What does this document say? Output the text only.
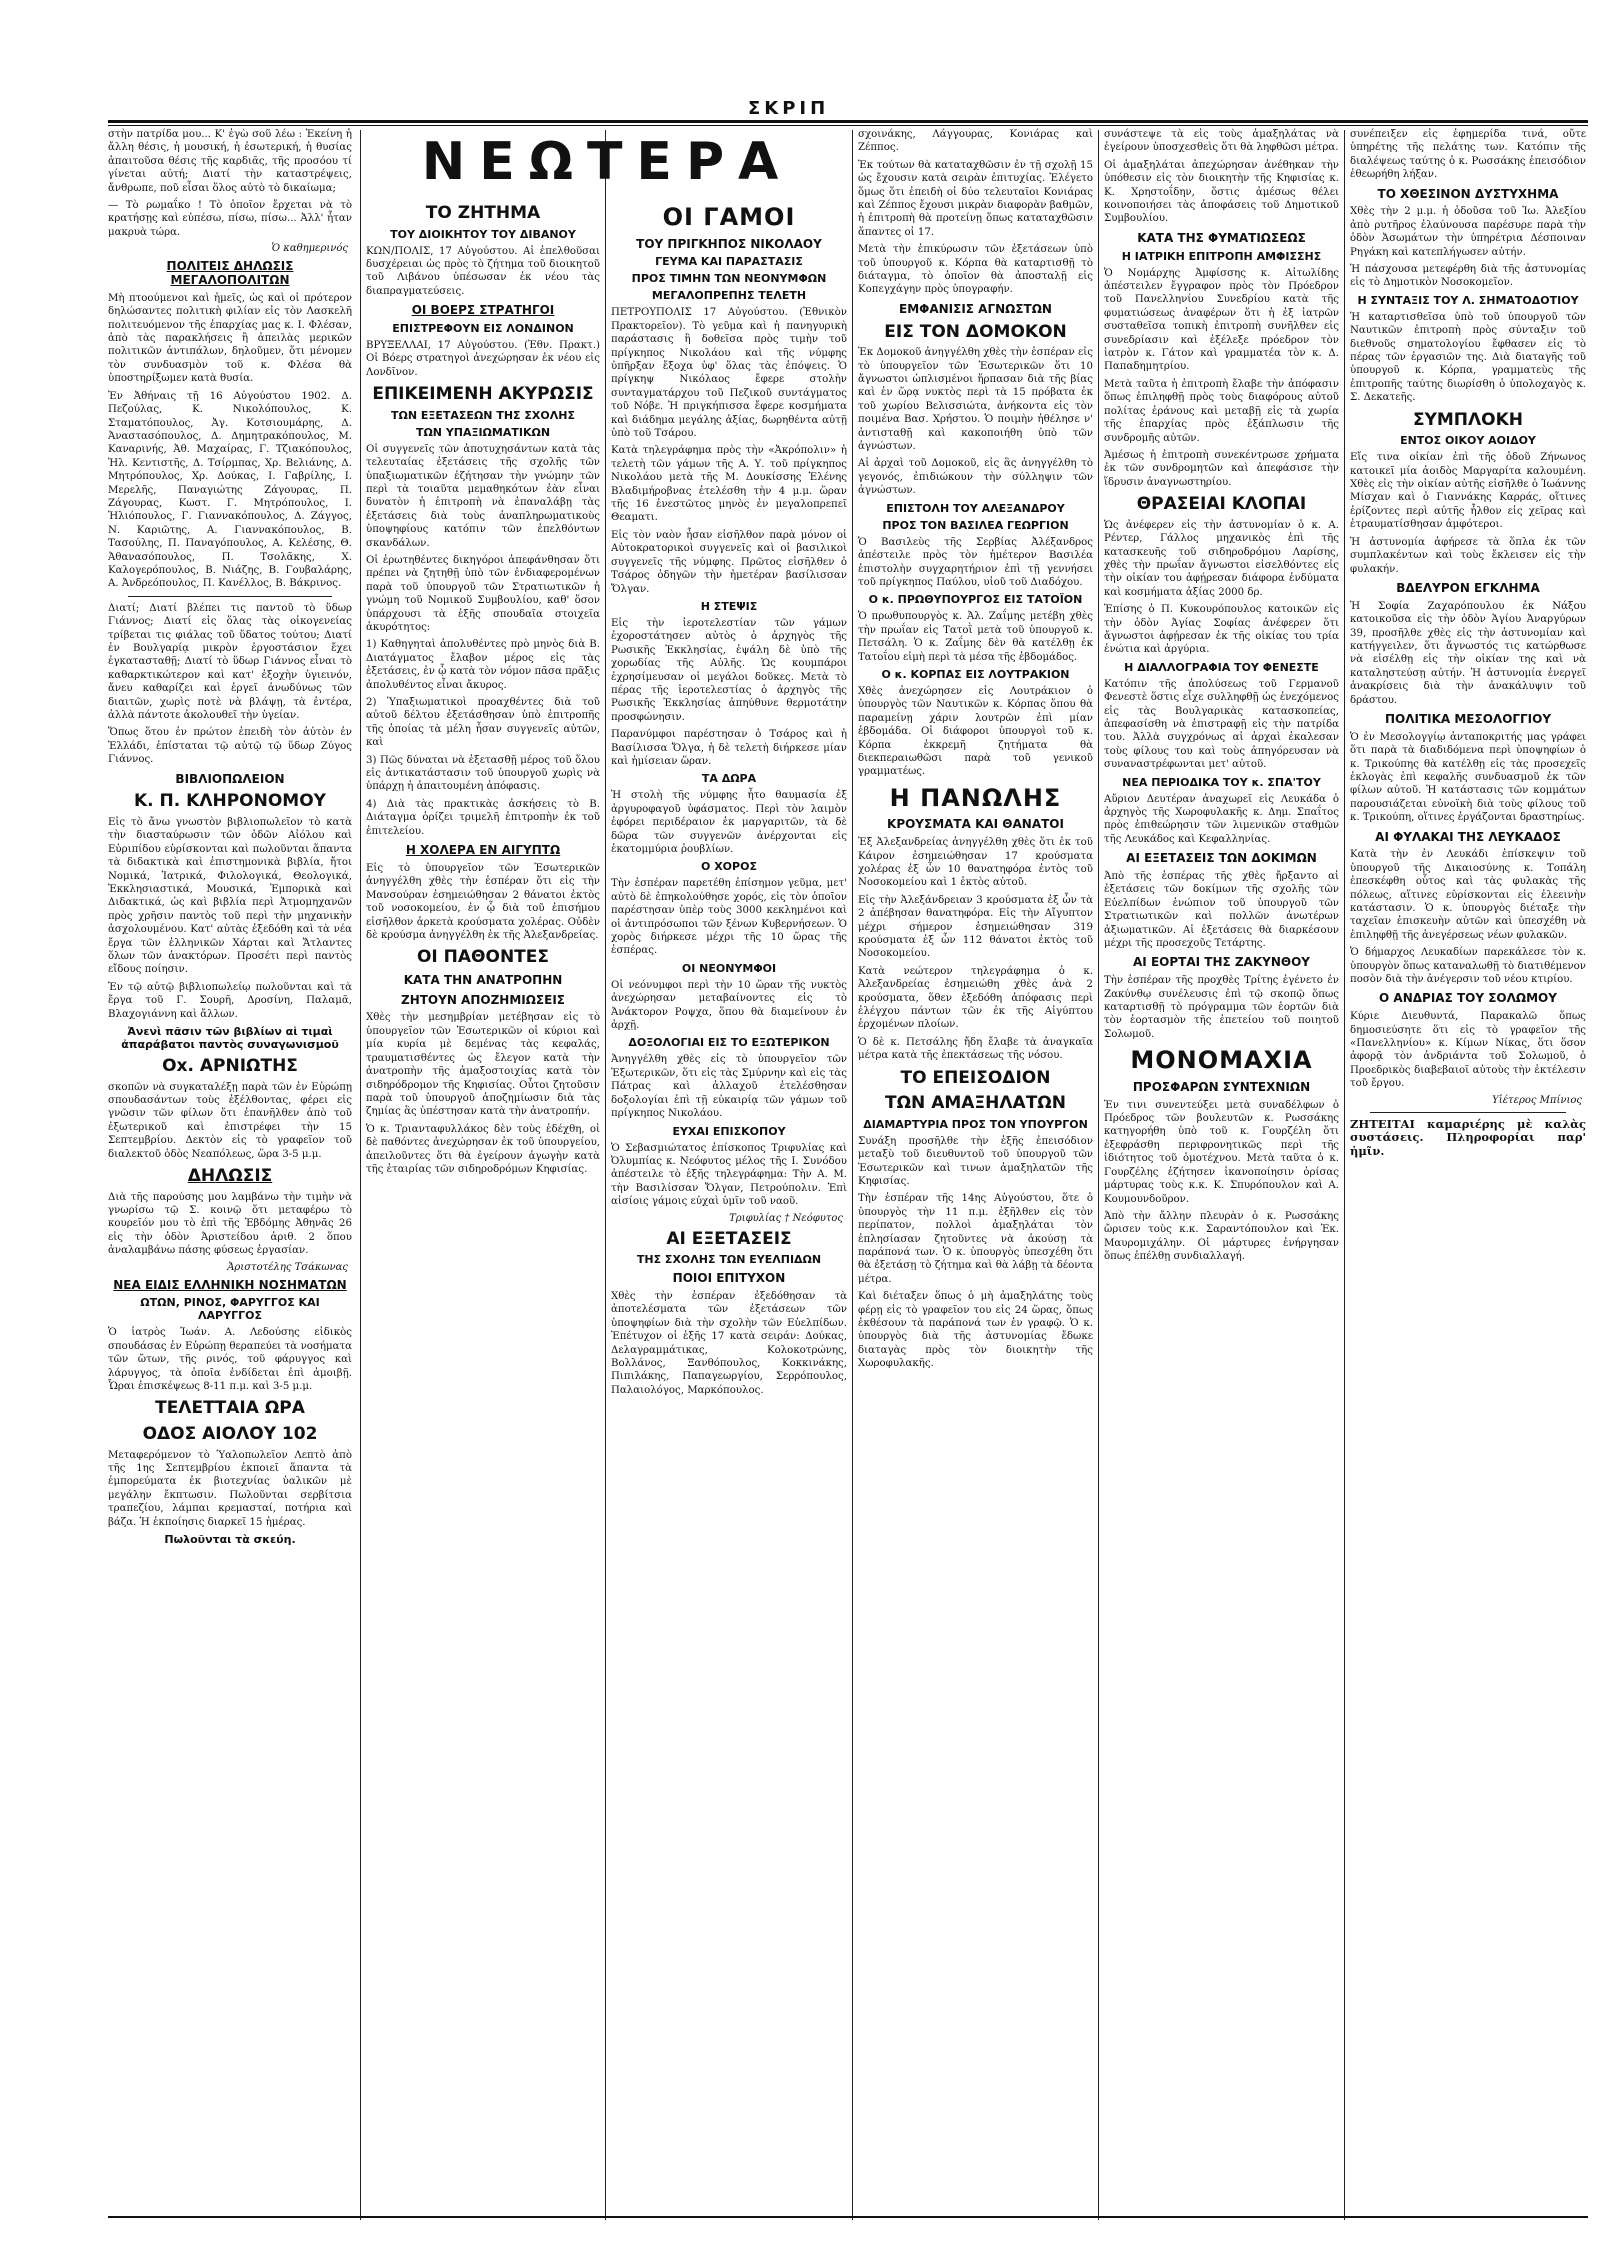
ΣΚΡΙΠ

στὴν πατρίδα μου... Κ' ἐγὼ σοῦ λέω : Ἐκείνη ἡ ἄλλη θέσις, ἡ μουσική, ἡ ἐσωτερική, ἡ θυσίας ἀπαιτοῦσα θέσις τῆς καρδιᾶς, τῆς προσόου τί γίνεται αὐτή; Διατί τὴν καταστρέψεις, ἄνθρωπε, ποῦ εἶσαι ὅλος αὐτὸ τὸ δικαίωμα;

— Τὸ ρωμαΐκο ! Τὸ ὁποῖον ἔρχεται νὰ τὸ κρατήσῃς καὶ εὐπέσω, πίσω, πίσω... Ἀλλ' ἦταν μακρυὰ τώρα.

Ὁ καθημερινός
ΠΟΛΙΤΕΙΣ ΔΗΛΩΣΙΣ ΜΕΓΑΛΟΠΟΛΙΤΩΝ

Μὴ πτοούμενοι καὶ ἡμεῖς, ὡς καὶ οἱ πρότερον δηλώσαντες πολιτικὴ φιλίαν εἰς τὸν Λασκελῆ πολιτευόμενον τῆς ἐπαρχίας μας κ. Ι. Φλέσαν, ἀπὸ τὰς παρακλήσεις ἢ ἀπειλὰς μερικῶν πολιτικῶν ἀντιπάλων, δηλοῦμεν, ὅτι μένομεν τὸν συνδυασμὸν τοῦ κ. Φλέσα θὰ ὑποστηρίξωμεν κατὰ θυσία.

Ἐν Ἀθήναις τῇ 16 Αὐγούστου 1902. Δ. Πεζούλας, Κ. Νικολόπουλος, Κ. Σταματόπουλος, Ἀγ. Κοτσιουμάρης, Δ. Ἀναστασόπουλος, Δ. Δημητρακόπουλος, Μ. Καναρινής, Ἀθ. Μαχαίρας, Γ. Τζιακόπουλος, Ἠλ. Κεντιστῆς, Δ. Τσίρμπας, Χρ. Βελιάνης, Δ. Μητρόπουλος, Χρ. Δούκας, Ι. Γαβρίλης, Ι. Μερελῆς, Παναγιώτης Ζάγουρας, Π. Ζάγουρας, Κωστ. Γ. Μητρόπουλος, Ι. Ἠλιόπουλος, Γ. Γιαννακόπουλος, Δ. Ζάγγος, Ν. Καριῶτης, Α. Γιαννακόπουλος, Β. Τασούλης, Π. Παναγόπουλος, Α. Κελέσης, Θ. Ἀθανασόπουλος, Π. Τσολᾶκης, Χ. Καλογερόπουλος, Β. Νιάζης, Β. Γουβαλάρης, Α. Ἀνδρεόπουλος, Π. Κανέλλος, Β. Βάκρινος.

Διατί; Διατί βλέπει τις παντοῦ τὸ ὕδωρ Γιάννος; Διατί εἰς ὅλας τὰς οἰκογενείας τρίβεται τις φιάλας τοῦ ὕδατος τούτου; Διατί ἐν Βουλγαρίᾳ μικρὸν ἐργοστάσιον ἔχει ἐγκατασταθῇ; Διατί τὸ ὕδωρ Γιάννος εἶναι τὸ καθαρκτικώτερον καὶ κατ' ἐξοχὴν ὑγιεινόν, ἄνευ καθαρίζει καὶ ἐργεῖ ἀνωδύνως τῶν διαιτῶν, χωρὶς ποτὲ νὰ βλάψῃ, τὰ ἐντέρα, ἀλλὰ πάντοτε ἀκολουθεῖ τὴν ὑγείαν.

Ὅπως ὅτου ἐν πρώτον ἐπειδὴ τὸν ἀὐτὸν ἐν Ἑλλάδι, ἐπίσταται τῷ αὐτῷ τῷ ὕδωρ Ζύγος Γιάννος.

ΒΙΒΛΙΟΠΩΛΕΙΟΝ
Κ. Π. ΚΛΗΡΟΝΟΜΟΥ

Εἰς τὸ ἄνω γνωστὸν βιβλιοπωλεῖον τὸ κατὰ τὴν διασταύρωσιν τῶν ὁδῶν Αἰόλου καὶ Εὐριπίδου εὑρίσκονται καὶ πωλοῦνται ἅπαντα τὰ διδακτικὰ καὶ ἐπιστημονικὰ βιβλία, ἤτοι Νομικά, Ἰατρικά, Φιλολογικά, Θεολογικά, Ἐκκλησιαστικά, Μουσικά, Ἐμπορικὰ καὶ Διδακτικά, ὡς καὶ βιβλία περὶ Ἀτμομηχανῶν πρὸς χρῆσιν παντὸς τοῦ περὶ τὴν μηχανικὴν ἀσχολουμένου. Κατ' αὐτὰς ἐξεδόθη καὶ τὰ νέα ἔργα τῶν ἑλληνικῶν Χάρται καὶ Ἄτλαντες ὅλων τῶν ἀνακτόρων. Προσέτι περὶ παντὸς εἴδους ποίησιν.

Ἐν τῷ αὐτῷ βιβλιοπωλείῳ πωλοῦνται καὶ τὰ ἔργα τοῦ Γ. Σουρῆ, Δροσίνη, Παλαμᾶ, Βλαχογιάννη καὶ ἄλλων.

Ἀνενὶ πᾶσιν τῶν βιβλίων αἱ τιμαὶ ἀπαράβατοι παντὸς συναγωνισμοῦ
Οx. ΑΡΝΙΩΤΗΣ

σκοπῶν νὰ συγκαταλέξῃ παρὰ τῶν ἐν Εὐρώπῃ σπουδασάντων τοὺς ἐξέλθοντας, φέρει εἰς γνῶσιν τῶν φίλων ὅτι ἐπανῆλθεν ἀπὸ τοῦ ἐξωτερικοῦ καὶ ἐπιστρέφει τὴν 15 Σεπτεμβρίου. Δεκτὸν εἰς τὸ γραφεῖον τοῦ διαλεκτοῦ ὁδὸς Νεαπόλεως, ὥρα 3-5 μ.μ.

ΔΗΛΩΣΙΣ

Διὰ τῆς παρούσης μου λαμβάνω τὴν τιμὴν νὰ γνωρίσω τῷ Σ. κοινῷ ὅτι μεταφέρω τὸ κουρεῖόν μου τὸ ἐπὶ τῆς Ἑβδόμης Ἀθηνᾶς 26 εἰς τὴν ὁδὸν Ἀριστείδου ἀριθ. 2 ὅπου ἀναλαμβάνω πάσης φύσεως ἐργασίαν.

Ἀριστοτέλης Τσάκωνας
ΝΕΑ ΕΙΔΙΣ ΕΛΛΗΝΙΚΗ ΝΟΣΗΜΑΤΩΝ
ΩΤΩΝ, ΡΙΝΟΣ, ΦΑΡΥΓΓΟΣ ΚΑΙ ΛΑΡΥΓΓΟΣ

Ὁ ἰατρὸς Ἰωάν. Α. Λεδούσης εἰδικὸς σπουδάσας ἐν Εὐρώπῃ θεραπεύει τὰ νοσήματα τῶν ὤτων, τῆς ρινός, τοῦ φάρυγγος καὶ λάρυγγος, τὰ ὁποῖα ἐνδίδεται ἐπὶ ἀμοιβῇ. Ὧραι ἐπισκέψεως 8-11 π.μ. καὶ 3-5 μ.μ.

ΤΕΛΕΤΤΑΙΑ ΩΡΑ
ΟΔΟΣ ΑΙΟΛΟΥ 102

Μεταφερόμενον τὸ Ὑαλοπωλεῖον Λεπτὸ ἀπὸ τῆς 1ης Σεπτεμβρίου ἐκποιεῖ ἅπαντα τὰ ἐμπορεύματα ἐκ βιοτεχνίας ὑαλικῶν μὲ μεγάλην ἔκπτωσιν. Πωλοῦνται σερβίτσια τραπεζίου, λάμπαι κρεμασταί, ποτήρια καὶ βάζα. Ἡ ἐκποίησις διαρκεῖ 15 ἡμέρας.

Πωλοῦνται τὰ σκεύη.
ΝΕΩΤΕΡΑ
ΤΟ ΖΗΤΗΜΑ
ΤΟΥ ΔΙΟΙΚΗΤΟΥ ΤΟΥ ΔΙΒΑΝΟΥ

ΚΩΝ/ΠΟΛΙΣ, 17 Αὐγούστου. Αἱ ἐπελθοῦσαι δυσχέρειαι ὡς πρὸς τὸ ζήτημα τοῦ διοικητοῦ τοῦ Λιβάνου ὑπέσωσαν ἐκ νέου τὰς διαπραγματεύσεις.

ΟΙ ΒΟΕΡΣ ΣΤΡΑΤΗΓΟΙ
ΕΠΙΣΤΡΕΦΟΥΝ ΕΙΣ ΛΟΝΔΙΝΟΝ

ΒΡΥΞΕΛΛΑΙ, 17 Αὐγούστου. (Ἐθν. Πρακτ.) Οἱ Βόερς στρατηγοὶ ἀνεχώρησαν ἐκ νέου εἰς Λονδῖνον.

ΕΠΙΚΕΙΜΕΝΗ ΑΚΥΡΩΣΙΣ
ΤΩΝ ΕΞΕΤΑΣΕΩΝ ΤΗΣ ΣΧΟΛΗΣ
ΤΩΝ ΥΠΑΞΙΩΜΑΤΙΚΩΝ

Οἱ συγγενεῖς τῶν ἀποτυχησάντων κατὰ τὰς τελευταίας ἐξετάσεις τῆς σχολῆς τῶν ὑπαξιωματικῶν ἐζήτησαν τὴν γνώμην τῶν περὶ τὰ τοιαῦτα μεμαθηκότων ἐὰν εἶναι δυνατὸν ἡ ἐπιτροπὴ νὰ ἐπαναλάβῃ τὰς ἐξετάσεις διὰ τοὺς ἀναπληρωματικοὺς ὑποψηφίους κατόπιν τῶν ἐπελθόντων σκανδάλων.

Οἱ ἐρωτηθέντες δικηγόροι ἀπεφάνθησαν ὅτι πρέπει νὰ ζητηθῇ ὑπὸ τῶν ἐνδιαφερομένων παρὰ τοῦ ὑπουργοῦ τῶν Στρατιωτικῶν ἡ γνώμη τοῦ Νομικοῦ Συμβουλίου, καθ' ὅσον ὑπάρχουσι τὰ ἑξῆς σπουδαῖα στοιχεῖα ἀκυρότητος:

1) Καθηγηταὶ ἀπολυθέντες πρὸ μηνὸς διὰ Β. Διατάγματος ἔλαβον μέρος εἰς τὰς ἐξετάσεις, ἐν ᾧ κατὰ τὸν νόμον πᾶσα πρᾶξις ἀπολυθέντος εἶναι ἄκυρος.

2) Ὑπαξιωματικοὶ προαχθέντες διὰ τοῦ αὐτοῦ δέλτου ἐξετάσθησαν ὑπὸ ἐπιτροπῆς τῆς ὁποίας τὰ μέλη ἦσαν συγγενεῖς αὐτῶν, καὶ

3) Πῶς δύναται νὰ ἐξετασθῇ μέρος τοῦ ὅλου εἰς ἀντικατάστασιν τοῦ ὑπουργοῦ χωρὶς νὰ ὑπάρχῃ ἡ ἀπαιτουμένη ἀπόφασις.

4) Διὰ τὰς πρακτικὰς ἀσκήσεις τὸ Β. Διάταγμα ὁρίζει τριμελῆ ἐπιτροπὴν ἐκ τοῦ ἐπιτελείου.

Η ΧΟΛΕΡΑ ΕΝ ΑΙΓΥΠΤΩ

Εἰς τὸ ὑπουργεῖον τῶν Ἐσωτερικῶν ἀνηγγέλθη χθὲς τὴν ἑσπέραν ὅτι εἰς τὴν Μανσούραν ἐσημειώθησαν 2 θάνατοι ἐκτὸς τοῦ νοσοκομείου, ἐν ᾧ διὰ τοῦ ἐπισήμου εἰσῆλθον ἀρκετὰ κρούσματα χολέρας. Οὐδὲν δὲ κρούσμα ἀνηγγέλθη ἐκ τῆς Ἀλεξανδρείας.

ΟΙ ΠΑΘΟΝΤΕΣ
ΚΑΤΑ ΤΗΝ ΑΝΑΤΡΟΠΗΝ
ΖΗΤΟΥΝ ΑΠΟΖΗΜΙΩΣΕΙΣ

Χθὲς τὴν μεσημβρίαν μετέβησαν εἰς τὸ ὑπουργεῖον τῶν Ἐσωτερικῶν οἱ κύριοι καὶ μία κυρία μὲ δεμένας τὰς κεφαλάς, τραυματισθέντες ὡς ἔλεγον κατὰ τὴν ἀνατροπὴν τῆς ἀμαξοστοιχίας κατὰ τὸν σιδηρόδρομον τῆς Κηφισίας. Οὗτοι ζητοῦσιν παρὰ τοῦ ὑπουργοῦ ἀποζημίωσιν διὰ τὰς ζημίας ἃς ὑπέστησαν κατὰ τὴν ἀνατροπήν.

Ὁ κ. Τριανταφυλλάκος δὲν τοὺς ἐδέχθη, οἱ δὲ παθόντες ἀνεχώρησαν ἐκ τοῦ ὑπουργείου, ἀπειλοῦντες ὅτι θὰ ἐγείρουν ἀγωγὴν κατὰ τῆς ἑταιρίας τῶν σιδηροδρόμων Κηφισίας.

ΟΙ ΓΑΜΟΙ
ΤΟΥ ΠΡΙΓΚΗΠΟΣ ΝΙΚΟΛΑΟΥ
ΓΕΥΜΑ ΚΑΙ ΠΑΡΑΣΤΑΣΙΣ
ΠΡΟΣ ΤΙΜΗΝ ΤΩΝ ΝΕΟΝΥΜΦΩΝ
ΜΕΓΑΛΟΠΡΕΠΗΣ ΤΕΛΕΤΗ

ΠΕΤΡΟΥΠΟΛΙΣ 17 Αὐγούστου. (Ἐθνικὸν Πρακτορεῖον). Τὸ γεῦμα καὶ ἡ πανηγυρικὴ παράστασις ἣ δοθεῖσα πρὸς τιμὴν τοῦ πρίγκηπος Νικολάου καὶ τῆς νύμφης ὑπῆρξαν ἔξοχα ὑφ' ὅλας τὰς ἐπόψεις. Ὁ πρίγκηψ Νικόλαος ἔφερε στολὴν συνταγματάρχου τοῦ Πεζικοῦ συντάγματος τοῦ Νόβε. Ἡ πριγκήπισσα ἔφερε κοσμήματα καὶ διάδημα μεγάλης ἀξίας, δωρηθέντα αὐτῇ ὑπὸ τοῦ Τσάρου.

Κατὰ τηλεγράφημα πρὸς τὴν «Ἀκρόπολιν» ἡ τελετὴ τῶν γάμων τῆς Α. Υ. τοῦ πρίγκηπος Νικολάου μετὰ τῆς Μ. Δουκίσσης Ἑλένης Βλαδιμήροβνας ἐτελέσθη τὴν 4 μ.μ. ὥραν τῆς 16 ἐνεστῶτος μηνὸς ἐν μεγαλοπρεπεῖ Θεαματι.

Εἰς τὸν ναὸν ἦσαν εἰσῆλθον παρὰ μόνον οἱ Αὐτοκρατορικοὶ συγγενεῖς καὶ οἱ βασιλικοὶ συγγενεῖς τῆς νύμφης. Πρῶτος εἰσῆλθεν ὁ Τσάρος ὁδηγῶν τὴν ἡμετέραν βασίλισσαν Ὄλγαν.

Η ΣΤΕΨΙΣ

Εἰς τὴν ἱεροτελεστίαν τῶν γάμων ἐχοροστάτησεν αὐτὸς ὁ ἀρχηγὸς τῆς Ρωσικῆς Ἐκκλησίας, ἐψάλη δὲ ὑπὸ τῆς χορωδίας τῆς Αὐλῆς. Ὡς κουμπάροι ἐχρησίμευσαν οἱ μεγάλοι δοῦκες. Μετὰ τὸ πέρας τῆς ἱεροτελεστίας ὁ ἀρχηγὸς τῆς Ρωσικῆς Ἐκκλησίας ἀπηύθυνε θερμοτάτην προσφώνησιν.

Παρανύμφοι παρέστησαν ὁ Τσάρος καὶ ἡ Βασίλισσα Ὄλγα, ἡ δὲ τελετὴ διήρκεσε μίαν καὶ ἡμίσειαν ὥραν.

ΤΑ ΔΩΡΑ

Ἡ στολὴ τῆς νύμφης ἦτο θαυμασία ἐξ ἀργυροφαγοῦ ὑφάσματος. Περὶ τὸν λαιμὸν ἐφόρει περιδέραιον ἐκ μαργαριτῶν, τὰ δὲ δῶρα τῶν συγγενῶν ἀνέρχονται εἰς ἑκατομμύρια ῥουβλίων.

Ο ΧΟΡΟΣ

Τὴν ἑσπέραν παρετέθη ἐπίσημον γεῦμα, μετ' αὐτὸ δὲ ἐπηκολούθησε χορός, εἰς τὸν ὁποῖον παρέστησαν ὑπὲρ τοὺς 3000 κεκλημένοι καὶ οἱ ἀντιπρόσωποι τῶν ξένων Κυβερνήσεων. Ὁ χορὸς διήρκεσε μέχρι τῆς 10 ὥρας τῆς ἑσπέρας.

ΟΙ ΝΕΟΝΥΜΦΟΙ

Οἱ νεόνυμφοι περὶ τὴν 10 ὥραν τῆς νυκτὸς ἀνεχώρησαν μεταβαίνοντες εἰς τὸ Ἀνάκτορον Ροψχα, ὅπου θὰ διαμείνουν ἐν ἀρχῇ.

ΔΟΞΟΛΟΓΙΑΙ ΕΙΣ ΤΟ ΕΞΩΤΕΡΙΚΟΝ

Ἀνηγγέλθη χθὲς εἰς τὸ ὑπουργεῖον τῶν Ἐξωτερικῶν, ὅτι εἰς τὰς Σμύρνην καὶ εἰς τὰς Πάτρας καὶ ἀλλαχοῦ ἐτελέσθησαν δοξολογίαι ἐπὶ τῇ εὐκαιρίᾳ τῶν γάμων τοῦ πρίγκηπος Νικολάου.

ΕΥΧΑΙ ΕΠΙΣΚΟΠΟΥ

Ὁ Σεβασμιώτατος ἐπίσκοπος Τριφυλίας καὶ Ὀλυμπίας κ. Νεόφυτος μέλος τῆς Ι. Συνόδου ἀπέστειλε τὸ ἑξῆς τηλεγράφημα: Τὴν Α. Μ. τὴν Βασιλίσσαν Ὄλγαν, Πετρούπολιν. Ἐπὶ αἰσίοις γάμοις εὐχαὶ ὑμῖν τοῦ ναοῦ.

Τριφυλίας † Νεόφυτος
ΑΙ ΕΞΕΤΑΣΕΙΣ
ΤΗΣ ΣΧΟΛΗΣ ΤΩΝ ΕΥΕΛΠΙΔΩΝ
ΠΟΙΟΙ ΕΠΙΤΥΧΟΝ

Χθὲς τὴν ἑσπέραν ἐξεδόθησαν τὰ ἀποτελέσματα τῶν ἐξετάσεων τῶν ὑποψηφίων διὰ τὴν σχολὴν τῶν Εὐελπίδων. Ἐπέτυχον οἱ ἑξῆς 17 κατὰ σειράν: Δούκας, Δελαγραμμάτικας, Κολοκοτρώνης, Βολλάνος, Ξανθόπουλος, Κοκκινάκης, Πιπιλάκης, Παπαγεωργίου, Σερρόπουλος, Παλαιολόγος, Μαρκόπουλος.

σχοινάκης, Λάγγουρας, Κονιάρας καὶ Ζέππος.

Ἐκ τούτων θὰ καταταχθῶσιν ἐν τῇ σχολῇ 15 ὡς ἔχουσιν κατὰ σειρὰν ἐπιτυχίας. Ἐλέγετο ὅμως ὅτι ἐπειδὴ οἱ δύο τελευταῖοι Κονιάρας καὶ Ζέππος ἔχουσι μικρὰν διαφορὰν βαθμῶν, ἡ ἐπιτροπὴ θὰ προτείνῃ ὅπως καταταχθῶσιν ἅπαντες οἱ 17.

Μετὰ τὴν ἐπικύρωσιν τῶν ἐξετάσεων ὑπὸ τοῦ ὑπουργοῦ κ. Κόρπα θὰ καταρτισθῇ τὸ διάταγμα, τὸ ὁποῖον θὰ ἀποσταλῇ εἰς Κοπεγχάγην πρὸς ὑπογραφήν.

ΕΜΦΑΝΙΣΙΣ ΑΓΝΩΣΤΩΝ
ΕΙΣ ΤΟΝ ΔΟΜΟΚΟΝ

Ἐκ Δομοκοῦ ἀνηγγέλθη χθὲς τὴν ἑσπέραν εἰς τὸ ὑπουργεῖον τῶν Ἐσωτερικῶν ὅτι 10 ἄγνωστοι ὡπλισμένοι ἥρπασαν διὰ τῆς βίας καὶ ἐν ὥρᾳ νυκτὸς περὶ τὰ 15 πρόβατα ἐκ τοῦ χωρίου Βελισσιώτα, ἀνήκοντα εἰς τὸν ποιμένα Βασ. Χρήστου. Ὁ ποιμὴν ἠθέλησε ν' ἀντισταθῇ καὶ κακοποιήθη ὑπὸ τῶν ἀγνώστων.

Αἱ ἀρχαὶ τοῦ Δομοκοῦ, εἰς ἃς ἀνηγγέλθη τὸ γεγονός, ἐπιδιώκουν τὴν σύλληψιν τῶν ἀγνώστων.

ΕΠΙΣΤΟΛΗ ΤΟΥ ΑΛΕΞΑΝΔΡΟΥ
ΠΡΟΣ ΤΟΝ ΒΑΣΙΛΕΑ ΓΕΩΡΓΙΟΝ

Ὁ Βασιλεὺς τῆς Σερβίας Ἀλέξανδρος ἀπέστειλε πρὸς τὸν ἡμέτερον Βασιλέα ἐπιστολὴν συγχαρητήριον ἐπὶ τῇ γεννήσει τοῦ πρίγκηπος Παύλου, υἱοῦ τοῦ Διαδόχου.

Ο κ. ΠΡΩΘΥΠΟΥΡΓΟΣ ΕΙΣ ΤΑΤΟΪΟΝ

Ὁ πρωθυπουργὸς κ. Ἀλ. Ζαΐμης μετέβη χθὲς τὴν πρωΐαν εἰς Τατοῒ μετὰ τοῦ ὑπουργοῦ κ. Πετσάλη. Ὁ κ. Ζαΐμης δὲν θὰ κατέλθῃ ἐκ Τατοΐου εἰμὴ περὶ τὰ μέσα τῆς ἑβδομάδος.

Ο κ. ΚΟΡΠΑΣ ΕΙΣ ΛΟΥΤΡΑΚΙΟΝ

Χθὲς ἀνεχώρησεν εἰς Λουτράκιον ὁ ὑπουργὸς τῶν Ναυτικῶν κ. Κόρπας ὅπου θὰ παραμείνῃ χάριν λουτρῶν ἐπὶ μίαν ἑβδομάδα. Οἱ διάφοροι ὑπουργοὶ τοῦ κ. Κόρπα ἐκκρεμῆ ζητήματα θὰ διεκπεραιωθῶσι παρὰ τοῦ γενικοῦ γραμματέως.

Η ΠΑΝΩΛΗΣ
ΚΡΟΥΣΜΑΤΑ ΚΑΙ ΘΑΝΑΤΟΙ

Ἐξ Ἀλεξανδρείας ἀνηγγέλθη χθὲς ὅτι ἐκ τοῦ Κάιρον ἐσημειώθησαν 17 κρούσματα χολέρας ἐξ ὧν 10 θανατηφόρα ἐντὸς τοῦ Νοσοκομείου καὶ 1 ἐκτὸς αὐτοῦ.

Εἰς τὴν Ἀλεξάνδρειαν 3 κρούσματα ἐξ ὧν τὰ 2 ἀπέβησαν θανατηφόρα. Εἰς τὴν Αἴγυπτον μέχρι σήμερον ἐσημειώθησαν 319 κρούσματα ἐξ ὧν 112 θάνατοι ἐκτὸς τοῦ Νοσοκομείου.

Κατὰ νεώτερον τηλεγράφημα ὁ κ. Ἀλεξανδρείας ἐσημειώθη χθὲς ἀνὰ 2 κρούσματα, ὅθεν ἐξεδόθη ἀπόφασις περὶ ἐλέγχου πάντων τῶν ἐκ τῆς Αἰγύπτου ἐρχομένων πλοίων.

Ὁ δὲ κ. Πετσάλης ἤδη ἔλαβε τὰ ἀναγκαῖα μέτρα κατὰ τῆς ἐπεκτάσεως τῆς νόσου.

ΤΟ ΕΠΕΙΣΟΔΙΟΝ
ΤΩΝ ΑΜΑΞΗΛΑΤΩΝ
ΔΙΑΜΑΡΤΥΡΙΑ ΠΡΟΣ ΤΟΝ ΥΠΟΥΡΓΟΝ

Συνάξη προσῆλθε τὴν ἑξῆς ἐπεισόδιον μεταξὺ τοῦ διευθυντοῦ τοῦ ὑπουργοῦ τῶν Ἐσωτερικῶν καὶ τινων ἀμαξηλατῶν τῆς Κηφισίας.

Τὴν ἑσπέραν τῆς 14ης Αὐγούστου, ὅτε ὁ ὑπουργὸς τὴν 11 π.μ. ἐξῆλθεν εἰς τὸν περίπατον, πολλοὶ ἀμαξηλάται τὸν ἐπλησίασαν ζητοῦντες νὰ ἀκούσῃ τὰ παράπονά των. Ὁ κ. ὑπουργὸς ὑπεσχέθη ὅτι θὰ ἐξετάσῃ τὸ ζήτημα καὶ θὰ λάβῃ τὰ δέοντα μέτρα.

Καὶ διέταξεν ὅπως ὁ μὴ ἀμαξηλάτης τοὺς φέρῃ εἰς τὸ γραφεῖον του εἰς 24 ὥρας, ὅπως ἐκθέσουν τὰ παράπονά των ἐν γραφῷ. Ὁ κ. ὑπουργὸς διὰ τῆς ἀστυνομίας ἔδωκε διαταγὰς πρὸς τὸν διοικητὴν τῆς Χωροφυλακῆς.

συνάστεψε τὰ εἰς τοὺς ἁμαξηλάτας νὰ ἐγείρουν ὑποσχεσθεὶς ὅτι θὰ ληφθῶσι μέτρα.

Οἱ ἁμαξηλάται ἀπεχώρησαν ἀνέθηκαν τὴν ὑπόθεσιν εἰς τὸν διοικητὴν τῆς Κηφισίας κ. Κ. Χρηστοΐδην, ὅστις ἀμέσως θέλει κοινοποιήσει τὰς ἀποφάσεις τοῦ Δημοτικοῦ Συμβουλίου.

ΚΑΤΑ ΤΗΣ ΦΥΜΑΤΙΩΣΕΩΣ
Η ΙΑΤΡΙΚΗ ΕΠΙΤΡΟΠΗ ΑΜΦΙΣΣΗΣ

Ὁ Νομάρχης Ἀμφίσσης κ. Αἰτωλίδης ἀπέστειλεν ἔγγραφον πρὸς τὸν Πρόεδρον τοῦ Πανελληνίου Συνεδρίου κατὰ τῆς φυματιώσεως ἀναφέρων ὅτι ἡ ἐξ ἰατρῶν συσταθεῖσα τοπικὴ ἐπιτροπὴ συνῆλθεν εἰς συνεδρίασιν καὶ ἐξέλεξε πρόεδρον τὸν ἰατρὸν κ. Γάτον καὶ γραμματέα τὸν κ. Δ. Παπαδημητρίου.

Μετὰ ταῦτα ἡ ἐπιτροπὴ ἔλαβε τὴν ἀπόφασιν ὅπως ἐπιληφθῇ πρὸς τοὺς διαφόρους αὐτοῦ πολίτας ἐράνους καὶ μεταβῇ εἰς τὰ χωρία τῆς ἐπαρχίας πρὸς ἐξάπλωσιν τῆς συνδρομῆς αὐτῶν.

Ἀμέσως ἡ ἐπιτροπὴ συνεκέντρωσε χρήματα ἐκ τῶν συνδρομητῶν καὶ ἀπεφάσισε τὴν ἵδρυσιν ἀναγνωστηρίου.

ΘΡΑΣΕΙΑΙ ΚΛΟΠΑΙ

Ὡς ἀνέφερεν εἰς τὴν ἀστυνομίαν ὁ κ. Α. Ρέντερ, Γάλλος μηχανικὸς ἐπὶ τῆς κατασκευῆς τοῦ σιδηροδρόμου Λαρίσης, χθὲς τὴν πρωΐαν ἄγνωστοι εἰσελθόντες εἰς τὴν οἰκίαν του ἀφῄρεσαν διάφορα ἐνδύματα καὶ κοσμήματα ἀξίας 2000 δρ.

Ἐπίσης ὁ Π. Κυκουρόπουλος κατοικῶν εἰς τὴν ὁδὸν Ἀγίας Σοφίας ἀνέφερεν ὅτι ἄγνωστοι ἀφῄρεσαν ἐκ τῆς οἰκίας του τρία ἐνώτια καὶ ἀργύρια.

Η ΔΙΑΛΛΟΓΡΑΦΙΑ ΤΟΥ ΦΕΝΕΣΤΕ

Κατόπιν τῆς ἀπολύσεως τοῦ Γερμανοῦ Φενεστὲ ὅστις εἶχε συλληφθῇ ὡς ἐνεχόμενος εἰς τὰς Βουλγαρικὰς κατασκοπείας, ἀπεφασίσθη νὰ ἐπιστραφῇ εἰς τὴν πατρίδα του. Ἀλλὰ συγχρόνως αἱ ἀρχαὶ ἐκαλεσαν τοὺς φίλους του καὶ τοὺς ἀπηγόρευσαν νὰ συναναστρέφωνται μετ' αὐτοῦ.

ΝΕΑ ΠΕΡΙΟΔΙΚΑ ΤΟΥ κ. ΣΠΑ'ΤΟΥ

Αὔριον Δευτέραν ἀναχωρεῖ εἰς Λευκάδα ὁ ἀρχηγὸς τῆς Χωροφυλακῆς κ. Δημ. Σπαΐτος πρὸς ἐπιθεώρησιν τῶν λιμενικῶν σταθμῶν τῆς Λευκάδος καὶ Κεφαλληνίας.

ΑΙ ΕΞΕΤΑΣΕΙΣ ΤΩΝ ΔΟΚΙΜΩΝ

Ἀπὸ τῆς ἑσπέρας τῆς χθὲς ἤρξαντο αἱ ἐξετάσεις τῶν δοκίμων τῆς σχολῆς τῶν Εὐελπίδων ἐνώπιον τοῦ ὑπουργοῦ τῶν Στρατιωτικῶν καὶ πολλῶν ἀνωτέρων ἀξιωματικῶν. Αἱ ἐξετάσεις θὰ διαρκέσουν μέχρι τῆς προσεχοῦς Τετάρτης.

ΑΙ ΕΟΡΤΑΙ ΤΗΣ ΖΑΚΥΝΘΟΥ

Τὴν ἑσπέραν τῆς προχθὲς Τρίτης ἐγένετο ἐν Ζακύνθῳ συνέλευσις ἐπὶ τῷ σκοπῷ ὅπως καταρτισθῇ τὸ πρόγραμμα τῶν ἑορτῶν διὰ τὸν ἑορτασμὸν τῆς ἐπετείου τοῦ ποιητοῦ Σολωμοῦ.

ΜΟΝΟΜΑΧΙΑ
ΠΡΟΣΦΑΡΩΝ ΣΥΝΤΕΧΝΙΩΝ

Ἐν τινι συνεντεύξει μετὰ συναδέλφων ὁ Πρόεδρος τῶν βουλευτῶν κ. Ρωσσάκης κατηγορήθη ὑπὸ τοῦ κ. Γουρζέλη ὅτι ἐξεφράσθη περιφρονητικῶς περὶ τῆς ἰδιότητος τοῦ ὁμοτέχνου. Μετὰ ταῦτα ὁ κ. Γουρζέλης ἐζήτησεν ἱκανοποίησιν ὁρίσας μάρτυρας τοὺς κ.κ. Κ. Σπυρόπουλον καὶ Α. Κουμουνδοῦρον.

Ἀπὸ τὴν ἄλλην πλευρὰν ὁ κ. Ρωσσάκης ὤρισεν τοὺς κ.κ. Σαραντόπουλον καὶ Ἐκ. Μαυρομιχάλην. Οἱ μάρτυρες ἐνήργησαν ὅπως ἐπέλθῃ συνδιαλλαγή.

συνέπειξεν εἰς ἐφημερίδα τινά, οὔτε ὑπηρέτης τῆς πελάτης των. Κατόπιν τῆς διαλέψεως ταύτης ὁ κ. Ρωσσάκης ἐπεισόδιον ἐθεωρήθη λήξαν.

ΤΟ ΧΘΕΣΙΝΟΝ ΔΥΣΤΥΧΗΜΑ

Χθὲς τὴν 2 μ.μ. ἡ ὁδοῦσα τοῦ Ἰω. Ἀλεξίου ἀπὸ ρυτῆρος ἐλαύνουσα παρέσυρε παρὰ τὴν ὁδὸν Ἀσωμάτων τὴν ὑπηρέτρια Δέσποιναν Ρηγάκη καὶ κατεπλήγωσεν αὐτήν.

Ἡ πάσχουσα μετεφέρθη διὰ τῆς ἀστυνομίας εἰς τὸ Δημοτικὸν Νοσοκομεῖον.

Η ΣΥΝΤΑΞΙΣ ΤΟΥ Λ. ΣΗΜΑΤΟΔΟΤΙΟΥ

Ἡ καταρτισθεῖσα ὑπὸ τοῦ ὑπουργοῦ τῶν Ναυτικῶν ἐπιτροπὴ πρὸς σύνταξιν τοῦ διεθνοῦς σηματολογίου ἔφθασεν εἰς τὸ πέρας τῶν ἐργασιῶν της. Διὰ διαταγῆς τοῦ ὑπουργοῦ κ. Κόρπα, γραμματεὺς τῆς ἐπιτροπῆς ταύτης διωρίσθη ὁ ὑπολοχαγὸς κ. Σ. Δεκατεῆς.

ΣΥΜΠΛΟΚΗ
ΕΝΤΟΣ ΟΙΚΟΥ ΑΟΙΔΟΥ

Εἴς τινα οἰκίαν ἐπὶ τῆς ὁδοῦ Ζήνωνος κατοικεῖ μία ἀοιδὸς Μαργαρίτα καλουμένη. Χθὲς εἰς τὴν οἰκίαν αὐτῆς εἰσῆλθε ὁ Ἰωάννης Μίσχαν καὶ ὁ Γιαννάκης Καρράς, οἵτινες ἐρίζοντες περὶ αὐτῆς ἦλθον εἰς χεῖρας καὶ ἐτραυματίσθησαν ἀμφότεροι.

Ἡ ἀστυνομία ἀφήρεσε τὰ ὅπλα ἐκ τῶν συμπλακέντων καὶ τοὺς ἔκλεισεν εἰς τὴν φυλακήν.

ΒΔΕΛΥΡΟΝ ΕΓΚΛΗΜΑ

Ἡ Σοφία Ζαχαρόπουλου ἐκ Νάξου κατοικοῦσα εἰς τὴν ὁδὸν Ἁγίου Ἀναργύρων 39, προσῆλθε χθὲς εἰς τὴν ἀστυνομίαν καὶ κατήγγειλεν, ὅτι ἄγνωστός τις κατώρθωσε νὰ εἰσέλθῃ εἰς τὴν οἰκίαν της καὶ νὰ καταληστεύσῃ αὐτήν. Ἡ ἀστυνομία ἐνεργεῖ ἀνακρίσεις διὰ τὴν ἀνακάλυψιν τοῦ δράστου.

ΠΟΛΙΤΙΚΑ ΜΕΣΟΛΟΓΓΙΟΥ

Ὁ ἐν Μεσολογγίῳ ἀνταποκριτής μας γράφει ὅτι παρὰ τὰ διαδιδόμενα περὶ ὑποψηφίων ὁ κ. Τρικούπης θὰ κατέλθῃ εἰς τὰς προσεχεῖς ἐκλογὰς ἐπὶ κεφαλῆς συνδυασμοῦ ἐκ τῶν φίλων αὐτοῦ. Ἡ κατάστασις τῶν κομμάτων παρουσιάζεται εὐνοϊκὴ διὰ τοὺς φίλους τοῦ κ. Τρικούπη, οἵτινες ἐργάζονται δραστηρίως.

ΑΙ ΦΥΛΑΚΑΙ ΤΗΣ ΛΕΥΚΑΔΟΣ

Κατὰ τὴν ἐν Λευκάδι ἐπίσκεψιν τοῦ ὑπουργοῦ τῆς Δικαιοσύνης κ. Τοπάλη ἐπεσκέφθη οὗτος καὶ τὰς φυλακὰς τῆς πόλεως, αἵτινες εὑρίσκονται εἰς ἐλεεινὴν κατάστασιν. Ὁ κ. ὑπουργὸς διέταξε τὴν ταχεῖαν ἐπισκευὴν αὐτῶν καὶ ὑπεσχέθη νὰ ἐπιληφθῇ τῆς ἀνεγέρσεως νέων φυλακῶν.

Ὁ δήμαρχος Λευκαδίων παρεκάλεσε τὸν κ. ὑπουργὸν ὅπως καταναλωθῇ τὸ διατιθέμενον ποσὸν διὰ τὴν ἀνέγερσιν τοῦ νέου κτιρίου.

Ο ΑΝΔΡΙΑΣ ΤΟΥ ΣΟΛΩΜΟΥ

Κύριε Διευθυντά, Παρακαλῶ ὅπως δημοσιεύσητε ὅτι εἰς τὸ γραφεῖον τῆς «Πανελληνίου» κ. Κίμων Νίκας, ὅτι ὅσον ἀφορᾷ τὸν ἀνδριάντα τοῦ Σολωμοῦ, ὁ Προεδρικὸς διαβεβαιοῖ αὐτοὺς τὴν ἐκτέλεσιν τοῦ ἔργου.

Υἱέτερος Μπίνιος

ΖΗΤΕΙΤΑΙ καμαριέρης μὲ καλὰς συστάσεις. Πληροφορίαι παρ' ἡμῖν.
